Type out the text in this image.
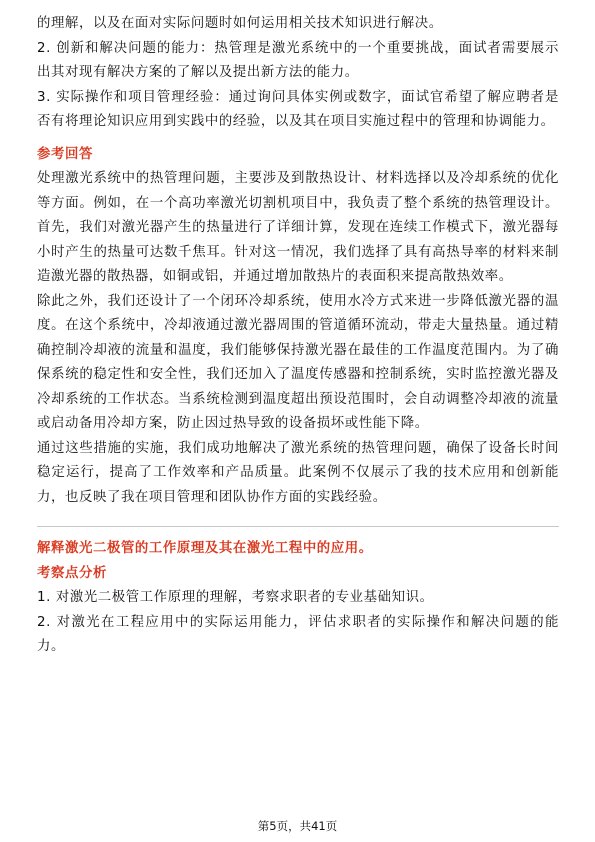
的理解，以及在面对实际问题时如何运用相关技术知识进行解决。

2. 创新和解决问题的能力：热管理是激光系统中的一个重要挑战，面试者需要展示出其对现有解决方案的了解以及提出新方法的能力。

3. 实际操作和项目管理经验：通过询问具体实例或数字，面试官希望了解应聘者是否有将理论知识应用到实践中的经验，以及其在项目实施过程中的管理和协调能力。

参考回答

处理激光系统中的热管理问题，主要涉及到散热设计、材料选择以及冷却系统的优化等方面。例如，在一个高功率激光切割机项目中，我负责了整个系统的热管理设计。首先，我们对激光器产生的热量进行了详细计算，发现在连续工作模式下，激光器每小时产生的热量可达数千焦耳。针对这一情况，我们选择了具有高热导率的材料来制造激光器的散热器，如铜或铝，并通过增加散热片的表面积来提高散热效率。

除此之外，我们还设计了一个闭环冷却系统，使用水冷方式来进一步降低激光器的温度。在这个系统中，冷却液通过激光器周围的管道循环流动，带走大量热量。通过精确控制冷却液的流量和温度，我们能够保持激光器在最佳的工作温度范围内。为了确保系统的稳定性和安全性，我们还加入了温度传感器和控制系统，实时监控激光器及冷却系统的工作状态。当系统检测到温度超出预设范围时，会自动调整冷却液的流量或启动备用冷却方案，防止因过热导致的设备损坏或性能下降。

通过这些措施的实施，我们成功地解决了激光系统的热管理问题，确保了设备长时间稳定运行，提高了工作效率和产品质量。此案例不仅展示了我的技术应用和创新能力，也反映了我在项目管理和团队协作方面的实践经验。

解释激光二极管的工作原理及其在激光工程中的应用。
考察点分析

1. 对激光二极管工作原理的理解，考察求职者的专业基础知识。

2. 对激光在工程应用中的实际运用能力，评估求职者的实际操作和解决问题的能力。

第5页，共41页
